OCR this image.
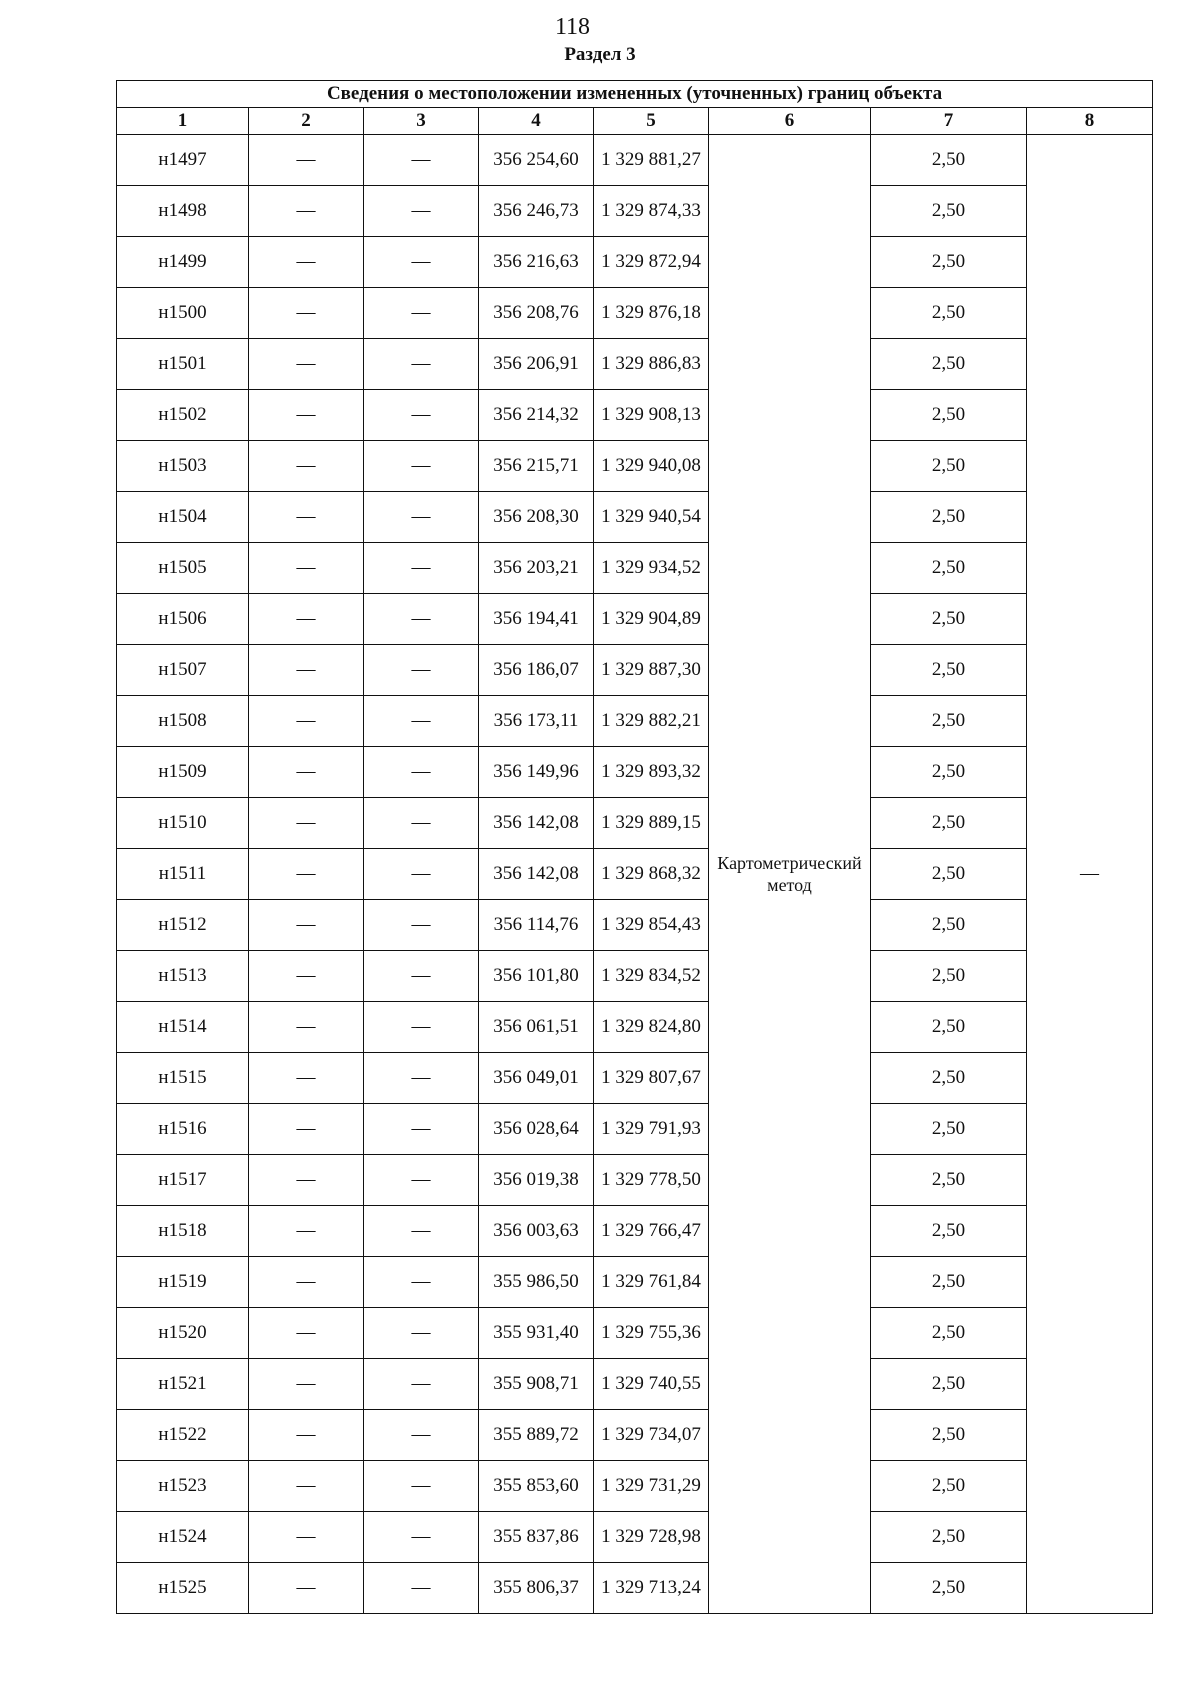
118
Раздел 3
Сведения о местоположении измененных (уточненных) границ объекта							
1	2	3	4	5	6	7	8
н1497	—	—	356 254,60	1 329 881,27	Картометрический метод	2,50	—
н1498	—	—	356 246,73	1 329 874,33		2,50	
н1499	—	—	356 216,63	1 329 872,94		2,50	
н1500	—	—	356 208,76	1 329 876,18		2,50	
н1501	—	—	356 206,91	1 329 886,83		2,50	
н1502	—	—	356 214,32	1 329 908,13		2,50	
н1503	—	—	356 215,71	1 329 940,08		2,50	
н1504	—	—	356 208,30	1 329 940,54		2,50	
н1505	—	—	356 203,21	1 329 934,52		2,50	
н1506	—	—	356 194,41	1 329 904,89		2,50	
н1507	—	—	356 186,07	1 329 887,30		2,50	
н1508	—	—	356 173,11	1 329 882,21		2,50	
н1509	—	—	356 149,96	1 329 893,32		2,50	
н1510	—	—	356 142,08	1 329 889,15		2,50	
н1511	—	—	356 142,08	1 329 868,32		2,50	
н1512	—	—	356 114,76	1 329 854,43		2,50	
н1513	—	—	356 101,80	1 329 834,52		2,50	
н1514	—	—	356 061,51	1 329 824,80		2,50	
н1515	—	—	356 049,01	1 329 807,67		2,50	
н1516	—	—	356 028,64	1 329 791,93		2,50	
н1517	—	—	356 019,38	1 329 778,50		2,50	
н1518	—	—	356 003,63	1 329 766,47		2,50	
н1519	—	—	355 986,50	1 329 761,84		2,50	
н1520	—	—	355 931,40	1 329 755,36		2,50	
н1521	—	—	355 908,71	1 329 740,55		2,50	
н1522	—	—	355 889,72	1 329 734,07		2,50	
н1523	—	—	355 853,60	1 329 731,29		2,50	
н1524	—	—	355 837,86	1 329 728,98		2,50	
н1525	—	—	355 806,37	1 329 713,24		2,50	
